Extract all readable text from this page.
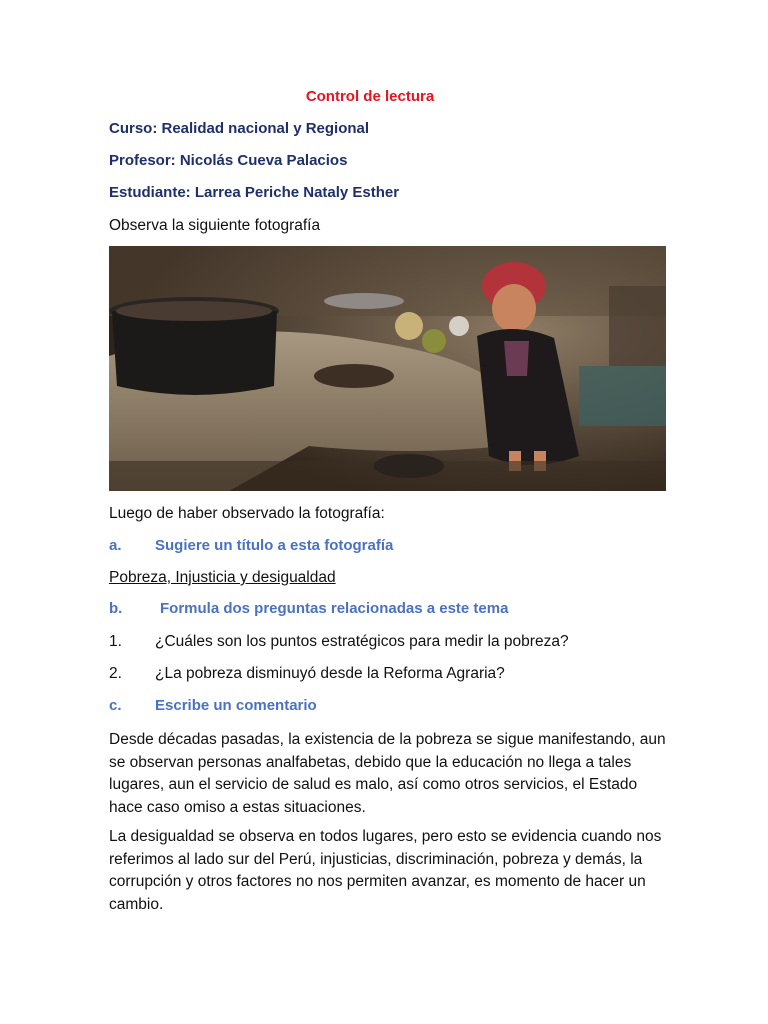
Control de lectura
Curso: Realidad nacional y Regional
Profesor: Nicolás Cueva Palacios
Estudiante: Larrea Periche Nataly Esther
Observa la siguiente fotografía
Luego de haber observado la fotografía:
a. Sugiere un título a esta fotografía
Pobreza, Injusticia y desigualdad
b.	Formula dos preguntas relacionadas a este tema
1. ¿Cuáles son los puntos estratégicos para medir la pobreza?
2. ¿La pobreza disminuyó desde la Reforma Agraria?
c. Escribe un comentario
Desde décadas pasadas, la existencia de la pobreza se sigue manifestando, aun se observan personas analfabetas, debido que la educación no llega a tales lugares, aun el servicio de salud es malo, así como otros servicios, el Estado hace caso omiso a estas situaciones.
La desigualdad se observa en todos lugares, pero esto se evidencia cuando nos referimos al lado sur del Perú, injusticias, discriminación, pobreza y demás, la corrupción y otros factores no nos permiten avanzar, es momento de hacer un cambio.
